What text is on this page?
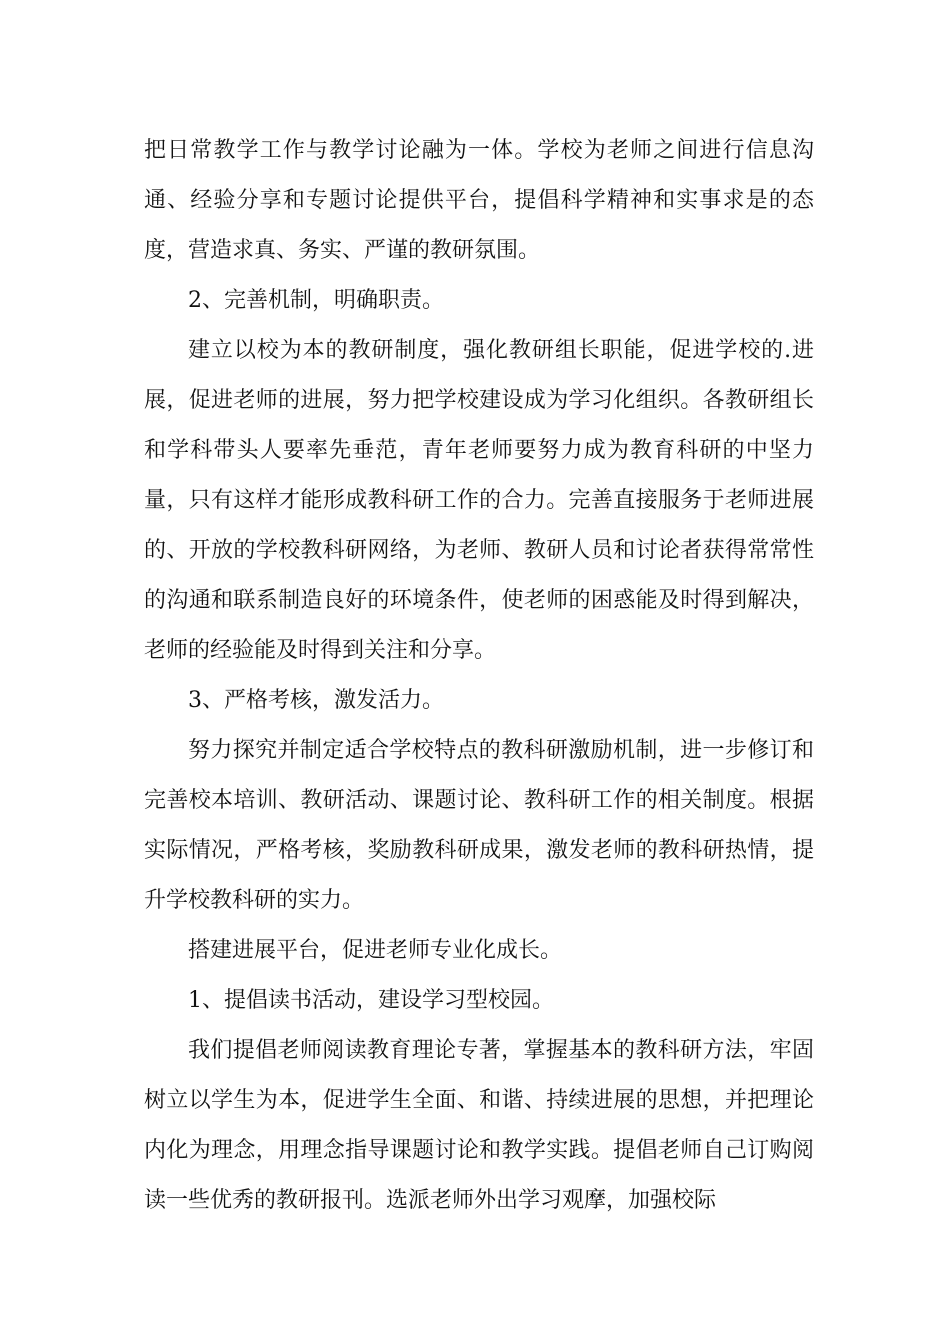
把日常教学工作与教学讨论融为一体。学校为老师之间进行信息沟通、经验分享和专题讨论提供平台，提倡科学精神和实事求是的态度，营造求真、务实、严谨的教研氛围。

2、完善机制，明确职责。

建立以校为本的教研制度，强化教研组长职能，促进学校的.进展，促进老师的进展，努力把学校建设成为学习化组织。各教研组长和学科带头人要率先垂范，青年老师要努力成为教育科研的中坚力量，只有这样才能形成教科研工作的合力。完善直接服务于老师进展的、开放的学校教科研网络，为老师、教研人员和讨论者获得常常性的沟通和联系制造良好的环境条件，使老师的困惑能及时得到解决，老师的经验能及时得到关注和分享。

3、严格考核，激发活力。

努力探究并制定适合学校特点的教科研激励机制，进一步修订和完善校本培训、教研活动、课题讨论、教科研工作的相关制度。根据实际情况，严格考核，奖励教科研成果，激发老师的教科研热情，提升学校教科研的实力。

搭建进展平台，促进老师专业化成长。

1、提倡读书活动，建设学习型校园。

我们提倡老师阅读教育理论专著，掌握基本的教科研方法，牢固树立以学生为本，促进学生全面、和谐、持续进展的思想，并把理论内化为理念，用理念指导课题讨论和教学实践。提倡老师自己订购阅读一些优秀的教研报刊。选派老师外出学习观摩，加强校际
